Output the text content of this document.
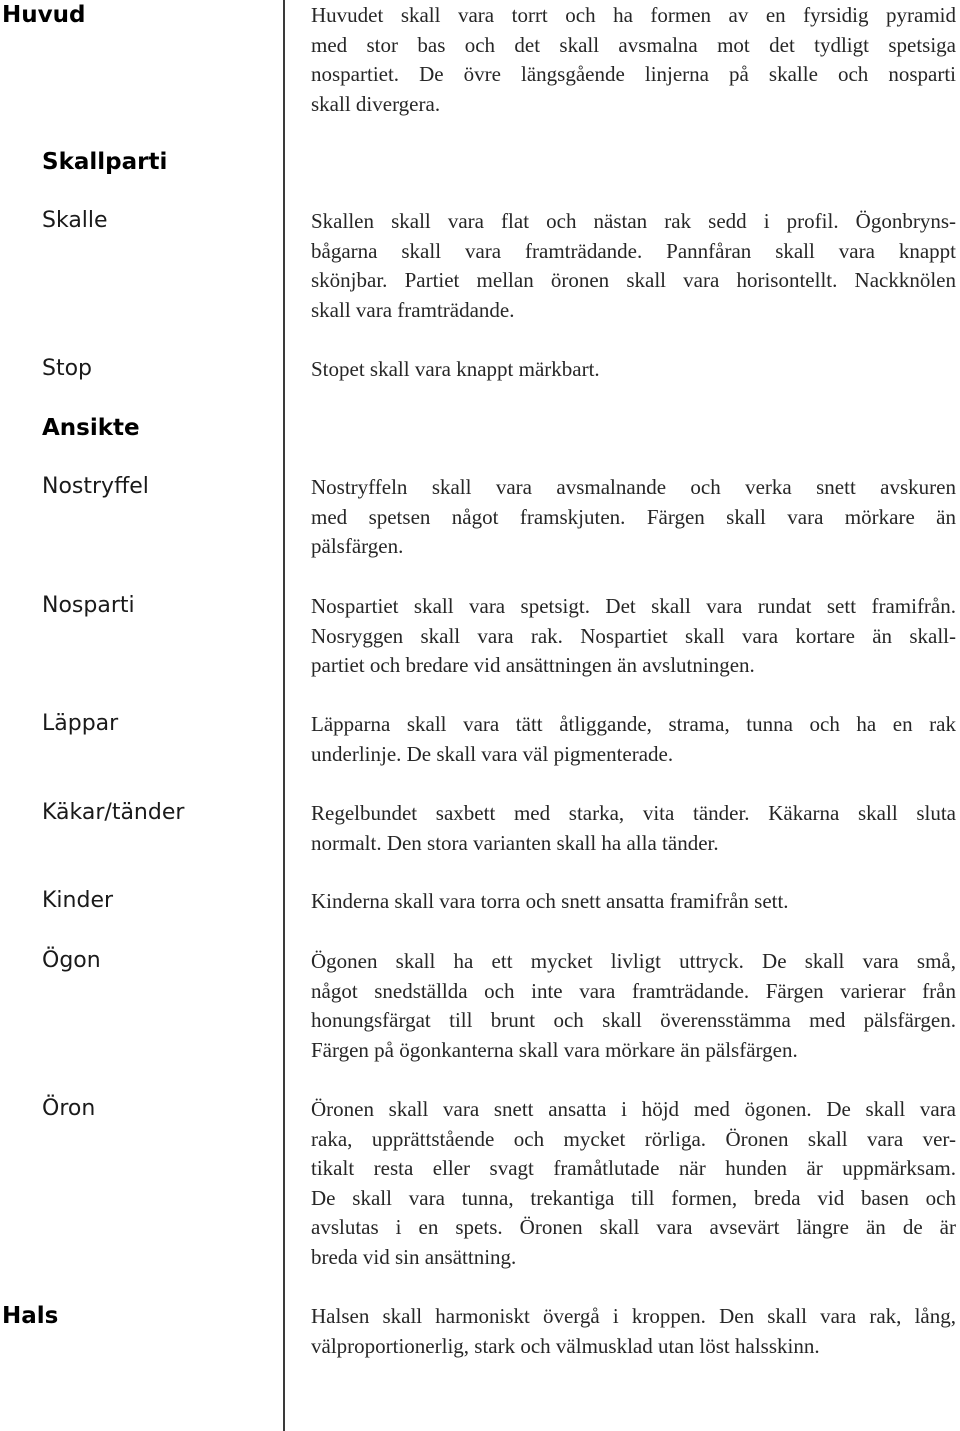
Huvud	Huvudet skall vara torrt och ha formen av en fyrsidig pyramid
med stor bas och det skall avsmalna mot det tydligt spetsiga
nospartiet. De övre längsgående linjerna på skalle och nosparti
skall divergera.
Skallparti
Skalle	Skallen skall vara flat och nästan rak sedd i profil. Ögonbryns-
bågarna skall vara framträdande. Pannfåran skall vara knappt
skönjbar. Partiet mellan öronen skall vara horisontellt. Nackknölen
skall vara framträdande.
Stop	Stopet skall vara knappt märkbart.
Ansikte
Nostryffel	Nostryffeln skall vara avsmalnande och verka snett avskuren
med spetsen något framskjuten. Färgen skall vara mörkare än
pälsfärgen.
Nosparti	Nospartiet skall vara spetsigt. Det skall vara rundat sett framifrån.
Nosryggen skall vara rak. Nospartiet skall vara kortare än skall-
partiet och bredare vid ansättningen än avslutningen.
Läppar	Läpparna skall vara tätt åtliggande, strama, tunna och ha en rak
underlinje. De skall vara väl pigmenterade.
Käkar/tänder	Regelbundet saxbett med starka, vita tänder. Käkarna skall sluta
normalt. Den stora varianten skall ha alla tänder.
Kinder	Kinderna skall vara torra och snett ansatta framifrån sett.
Ögon	Ögonen skall ha ett mycket livligt uttryck. De skall vara små,
något snedställda och inte vara framträdande. Färgen varierar från
honungsfärgat till brunt och skall överensstämma med pälsfärgen.
Färgen på ögonkanterna skall vara mörkare än pälsfärgen.
Öron	Öronen skall vara snett ansatta i höjd med ögonen. De skall vara
raka, upprättstående och mycket rörliga. Öronen skall vara ver-
tikalt resta eller svagt framåtlutade när hunden är uppmärksam.
De skall vara tunna, trekantiga till formen, breda vid basen och
avslutas i en spets. Öronen skall vara avsevärt längre än de är
breda vid sin ansättning.
Hals	Halsen skall harmoniskt övergå i kroppen. Den skall vara rak, lång,
välproportionerlig, stark och välmusklad utan löst halsskinn.
